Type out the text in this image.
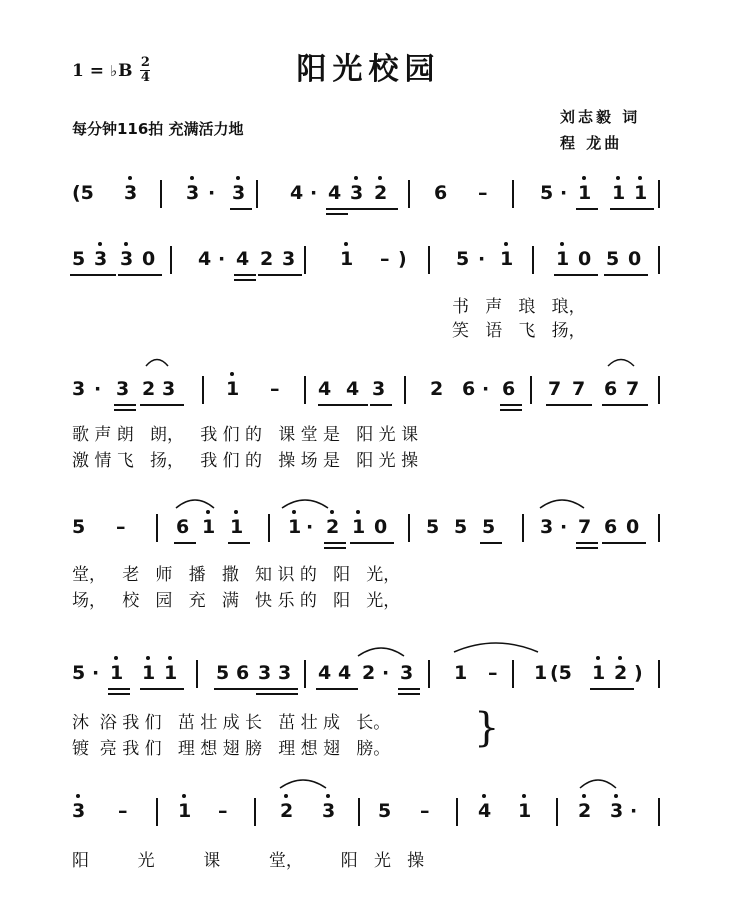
阳光校园
1 = ♭ B $\frac{2}{4}$
每分钟116拍 充满活力地
刘志毅 词
程 龙曲
(5 3	3 · 3 4 · 4 3 2 6 –	5 · 1 1 1
5 3 3 0 4 · 4 2 3 1 – )	5 · 1 1 0 5 0
3 · 3 2 3	1 – 4 4 3 2 6 · 6 7 7 6 7
5 –	6 1 1 1 · 2 1 0 5 5 5 3 · 7 6 0
5 · 1 1 1 5 6 3 3 4 4 2 · 3 1 – 1 (5 1 2 )
3 –	1 –	2 3 5 –	4 1 2 3 ·
书   声   琅   琅，
笑   语   飞   扬，
歌 声 朗   朗，   我 们 的   课 堂 是   阳 光 课
激 情 飞   扬，   我 们 的   操 场 是   阳 光 操
堂，   老   师   播   撒   知 识 的   阳   光，
场，   校   园   充   满   快 乐 的   阳   光，
沐  浴 我 们   茁 壮 成 长   茁 壮 成   长。
镀  亮 我 们   理 想 翅 膀   理 想 翅   膀。 }
阳         光         课         堂，       阳   光   操
